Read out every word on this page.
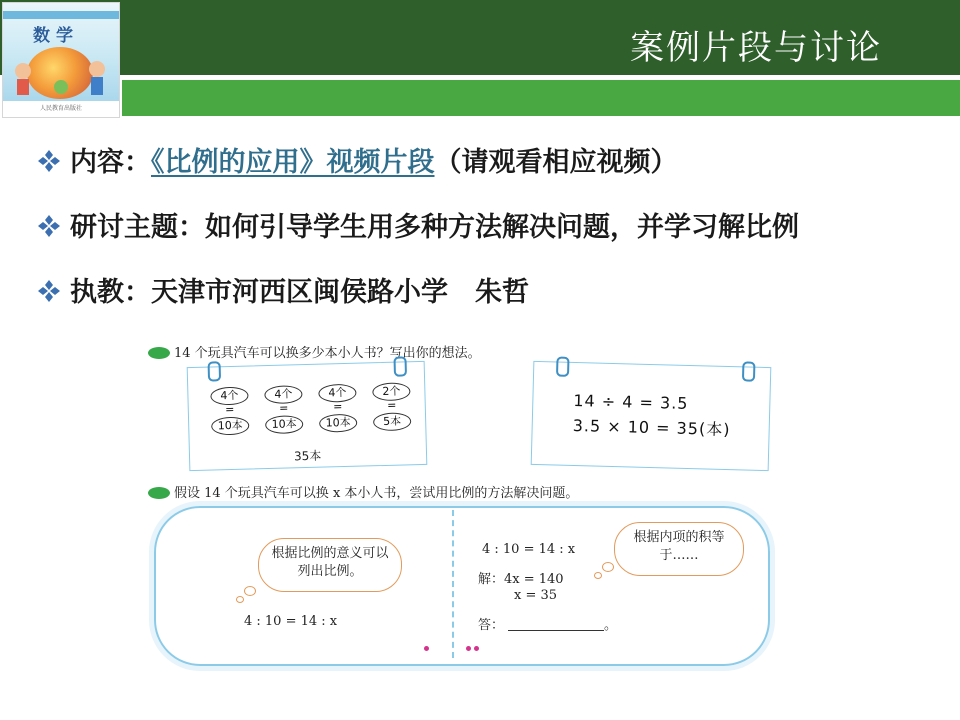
案例片段与讨论
数学
人民教育出版社
内容：《比例的应用》视频片段（请观看相应视频）
研讨主题：如何引导学生用多种方法解决问题，并学习解比例
执教：天津市河西区闽侯路小学　朱哲
14 个玩具汽车可以换多少本小人书？写出你的想法。
4个
=
10本
4个
=
10本
4个
=
10本
2个
=
5本
35本
14 ÷ 4 = 3.5
3.5 × 10 = 35(本)
假设 14 个玩具汽车可以换 x 本小人书，尝试用比例的方法解决问题。
根据比例的意义可以列出比例。
根据内项的积等于……
4 : 10 = 14 : x
4 : 10 = 14 : x
解：4x = 140
x = 35
答：	。
